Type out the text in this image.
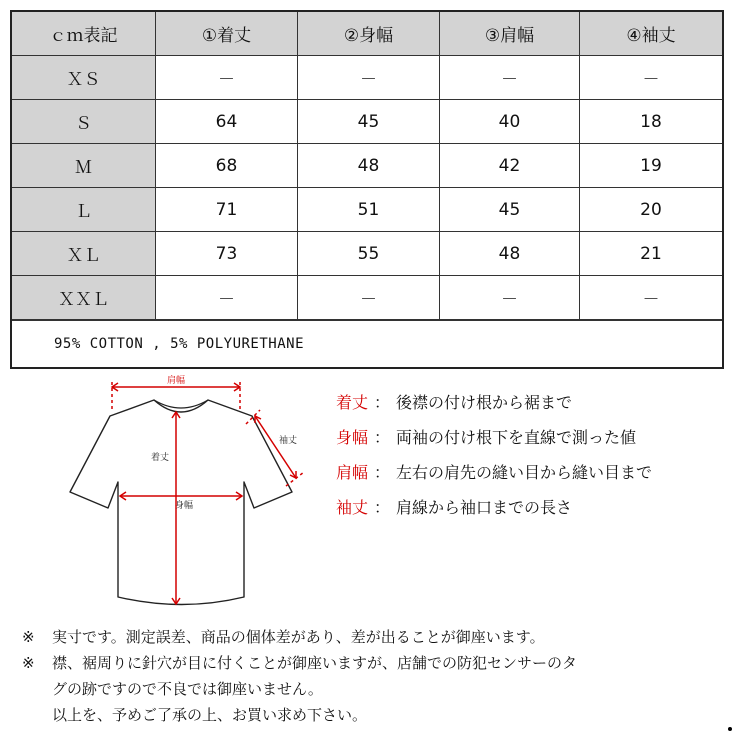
ｃｍ表記	①着丈	②身幅	③肩幅	④袖丈
ＸＳ	－	－	－	－
Ｓ	64	45	40	18
Ｍ	68	48	42	19
Ｌ	71	51	45	20
ＸＬ	73	55	48	21
ＸＸＬ	－	－	－	－
95% COTTON , 5% POLYURETHANE
肩幅
着丈
身幅
袖丈
着丈 ： 後襟の付け根から裾まで
身幅 ： 両袖の付け根下を直線で測った値
肩幅 ： 左右の肩先の縫い目から縫い目まで
袖丈 ： 肩線から袖口までの長さ
※	実寸です。測定誤差、商品の個体差があり、差が出ることが御座います。
※	襟、裾周りに針穴が目に付くことが御座いますが、店舗での防犯センサーのタ
グの跡ですので不良では御座いません。
以上を、予めご了承の上、お買い求め下さい。
